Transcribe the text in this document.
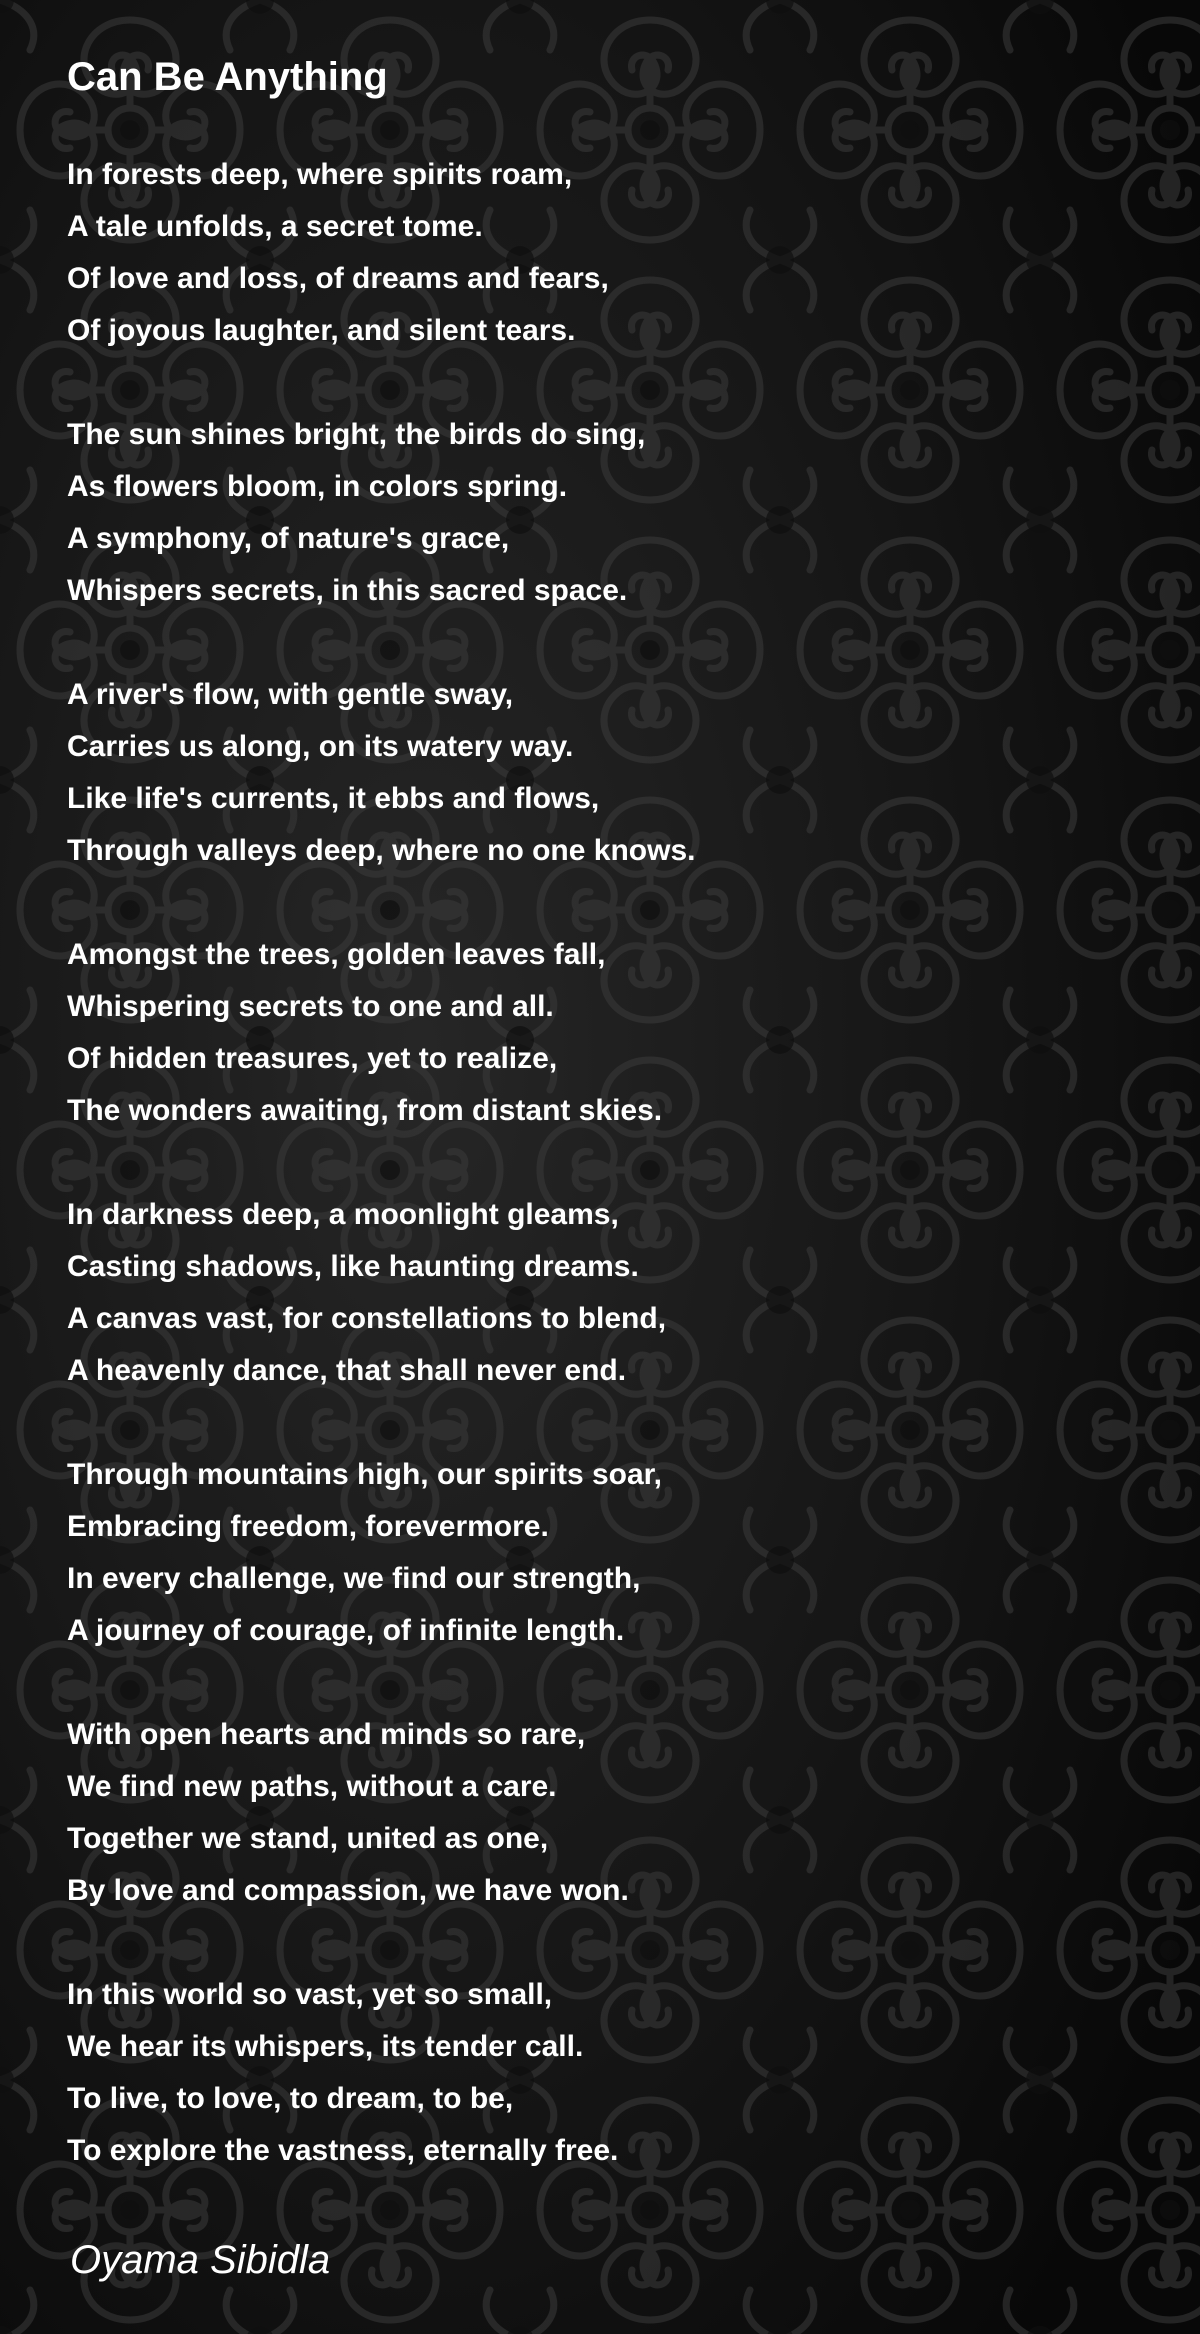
Can Be Anything
In forests deep, where spirits roam,
A tale unfolds, a secret tome.
Of love and loss, of dreams and fears,
Of joyous laughter, and silent tears.
The sun shines bright, the birds do sing,
As flowers bloom, in colors spring.
A symphony, of nature's grace,
Whispers secrets, in this sacred space.
A river's flow, with gentle sway,
Carries us along, on its watery way.
Like life's currents, it ebbs and flows,
Through valleys deep, where no one knows.
Amongst the trees, golden leaves fall,
Whispering secrets to one and all.
Of hidden treasures, yet to realize,
The wonders awaiting, from distant skies.
In darkness deep, a moonlight gleams,
Casting shadows, like haunting dreams.
A canvas vast, for constellations to blend,
A heavenly dance, that shall never end.
Through mountains high, our spirits soar,
Embracing freedom, forevermore.
In every challenge, we find our strength,
A journey of courage, of infinite length.
With open hearts and minds so rare,
We find new paths, without a care.
Together we stand, united as one,
By love and compassion, we have won.
In this world so vast, yet so small,
We hear its whispers, its tender call.
To live, to love, to dream, to be,
To explore the vastness, eternally free.
Oyama Sibidla
